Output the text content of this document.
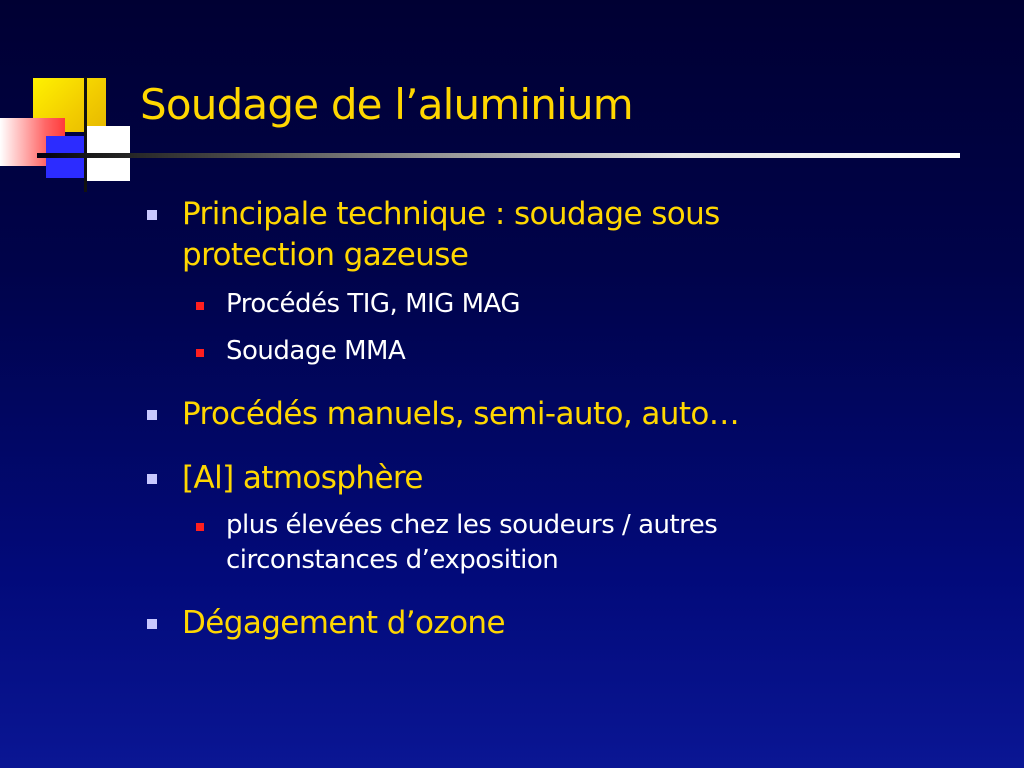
Soudage de l’aluminium
Principale technique : soudage sous
protection gazeuse
Procédés TIG, MIG MAG
Soudage MMA
Procédés manuels, semi-auto, auto…
[Al] atmosphère
plus élevées chez les soudeurs / autres
circonstances d’exposition
Dégagement d’ozone
